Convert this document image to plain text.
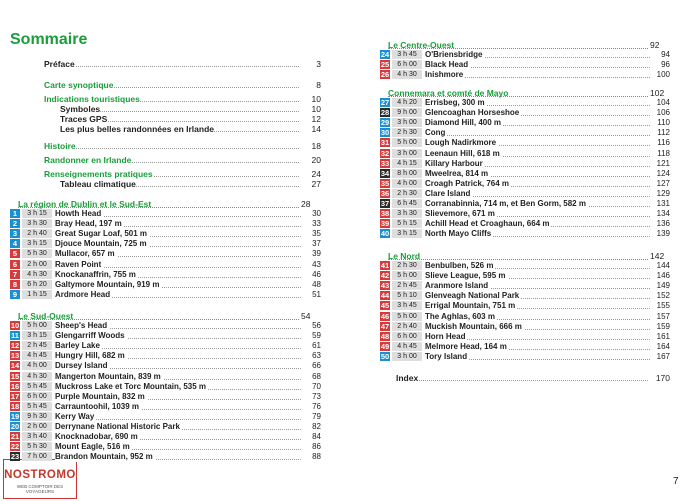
Sommaire
NOSTROMO
WEB COMPTOIR DES VOYAGEURS
7
Préface	3
Carte synoptique	8
Indications touristiques	10
Symboles	10
Traces GPS	12
Les plus belles randonnées en Irlande	14
Histoire	18
Randonner en Irlande	20
Renseignements pratiques	24
Tableau climatique	27
La région de Dublin et le Sud-Est	28
1	3 h 15	Howth Head	30
2	3 h 30	Bray Head, 197 m	33
3	2 h 40	Great Sugar Loaf, 501 m	35
4	3 h 15	Djouce Mountain, 725 m	37
5	5 h 30	Mullacor, 657 m	39
6	2 h 00	Raven Point	43
7	4 h 30	Knockanaffrin, 755 m	46
8	6 h 20	Galtymore Mountain, 919 m	48
9	1 h 15	Ardmore Head	51
Le Sud-Ouest	54
10	5 h 00	Sheep's Head	56
11	3 h 15	Glengarriff Woods	59
12	2 h 45	Barley Lake	61
13	4 h 45	Hungry Hill, 682 m	63
14	4 h 00	Dursey Island	66
15	4 h 30	Mangerton Mountain, 839 m	68
16	5 h 45	Muckross Lake et Torc Mountain, 535 m	70
17	6 h 00	Purple Mountain, 832 m	73
18	5 h 45	Carrauntoohil, 1039 m	76
19	9 h 30	Kerry Way	79
20	2 h 00	Derrynane National Historic Park	82
21	3 h 40	Knocknadobar, 690 m	84
22	5 h 30	Mount Eagle, 516 m	86
23	7 h 00	Brandon Mountain, 952 m	88
Le Centre-Ouest	92
24	3 h 45	O'Briensbridge	94
25	6 h 00	Black Head	96
26	4 h 30	Inishmore	100
Connemara et comté de Mayo	102
27	4 h 20	Errisbeg, 300 m	104
28	9 h 00	Glencoaghan Horseshoe	106
29	3 h 00	Diamond Hill, 400 m	110
30	2 h 30	Cong	112
31	5 h 00	Lough Nadirkmore	116
32	3 h 00	Leenaun Hill, 618 m	118
33	4 h 15	Killary Harbour	121
34	8 h 00	Mweelrea, 814 m	124
35	4 h 00	Croagh Patrick, 764 m	127
36	2 h 30	Clare Island	129
37	6 h 45	Corranabinnia, 714 m, et Ben Gorm, 582 m	131
38	3 h 30	Slievemore, 671 m	134
39	5 h 15	Achill Head et Croaghaun, 664 m	136
40	3 h 15	North Mayo Cliffs	139
Le Nord	142
41	2 h 30	Benbulben, 526 m	144
42	5 h 00	Slieve League, 595 m	146
43	2 h 45	Aranmore Island	149
44	5 h 10	Glenveagh National Park	152
45	3 h 45	Errigal Mountain, 751 m	155
46	5 h 00	The Aghlas, 603 m	157
47	2 h 40	Muckish Mountain, 666 m	159
48	6 h 00	Horn Head	161
49	4 h 45	Melmore Head, 164 m	164
50	3 h 00	Tory Island	167
Index	170
